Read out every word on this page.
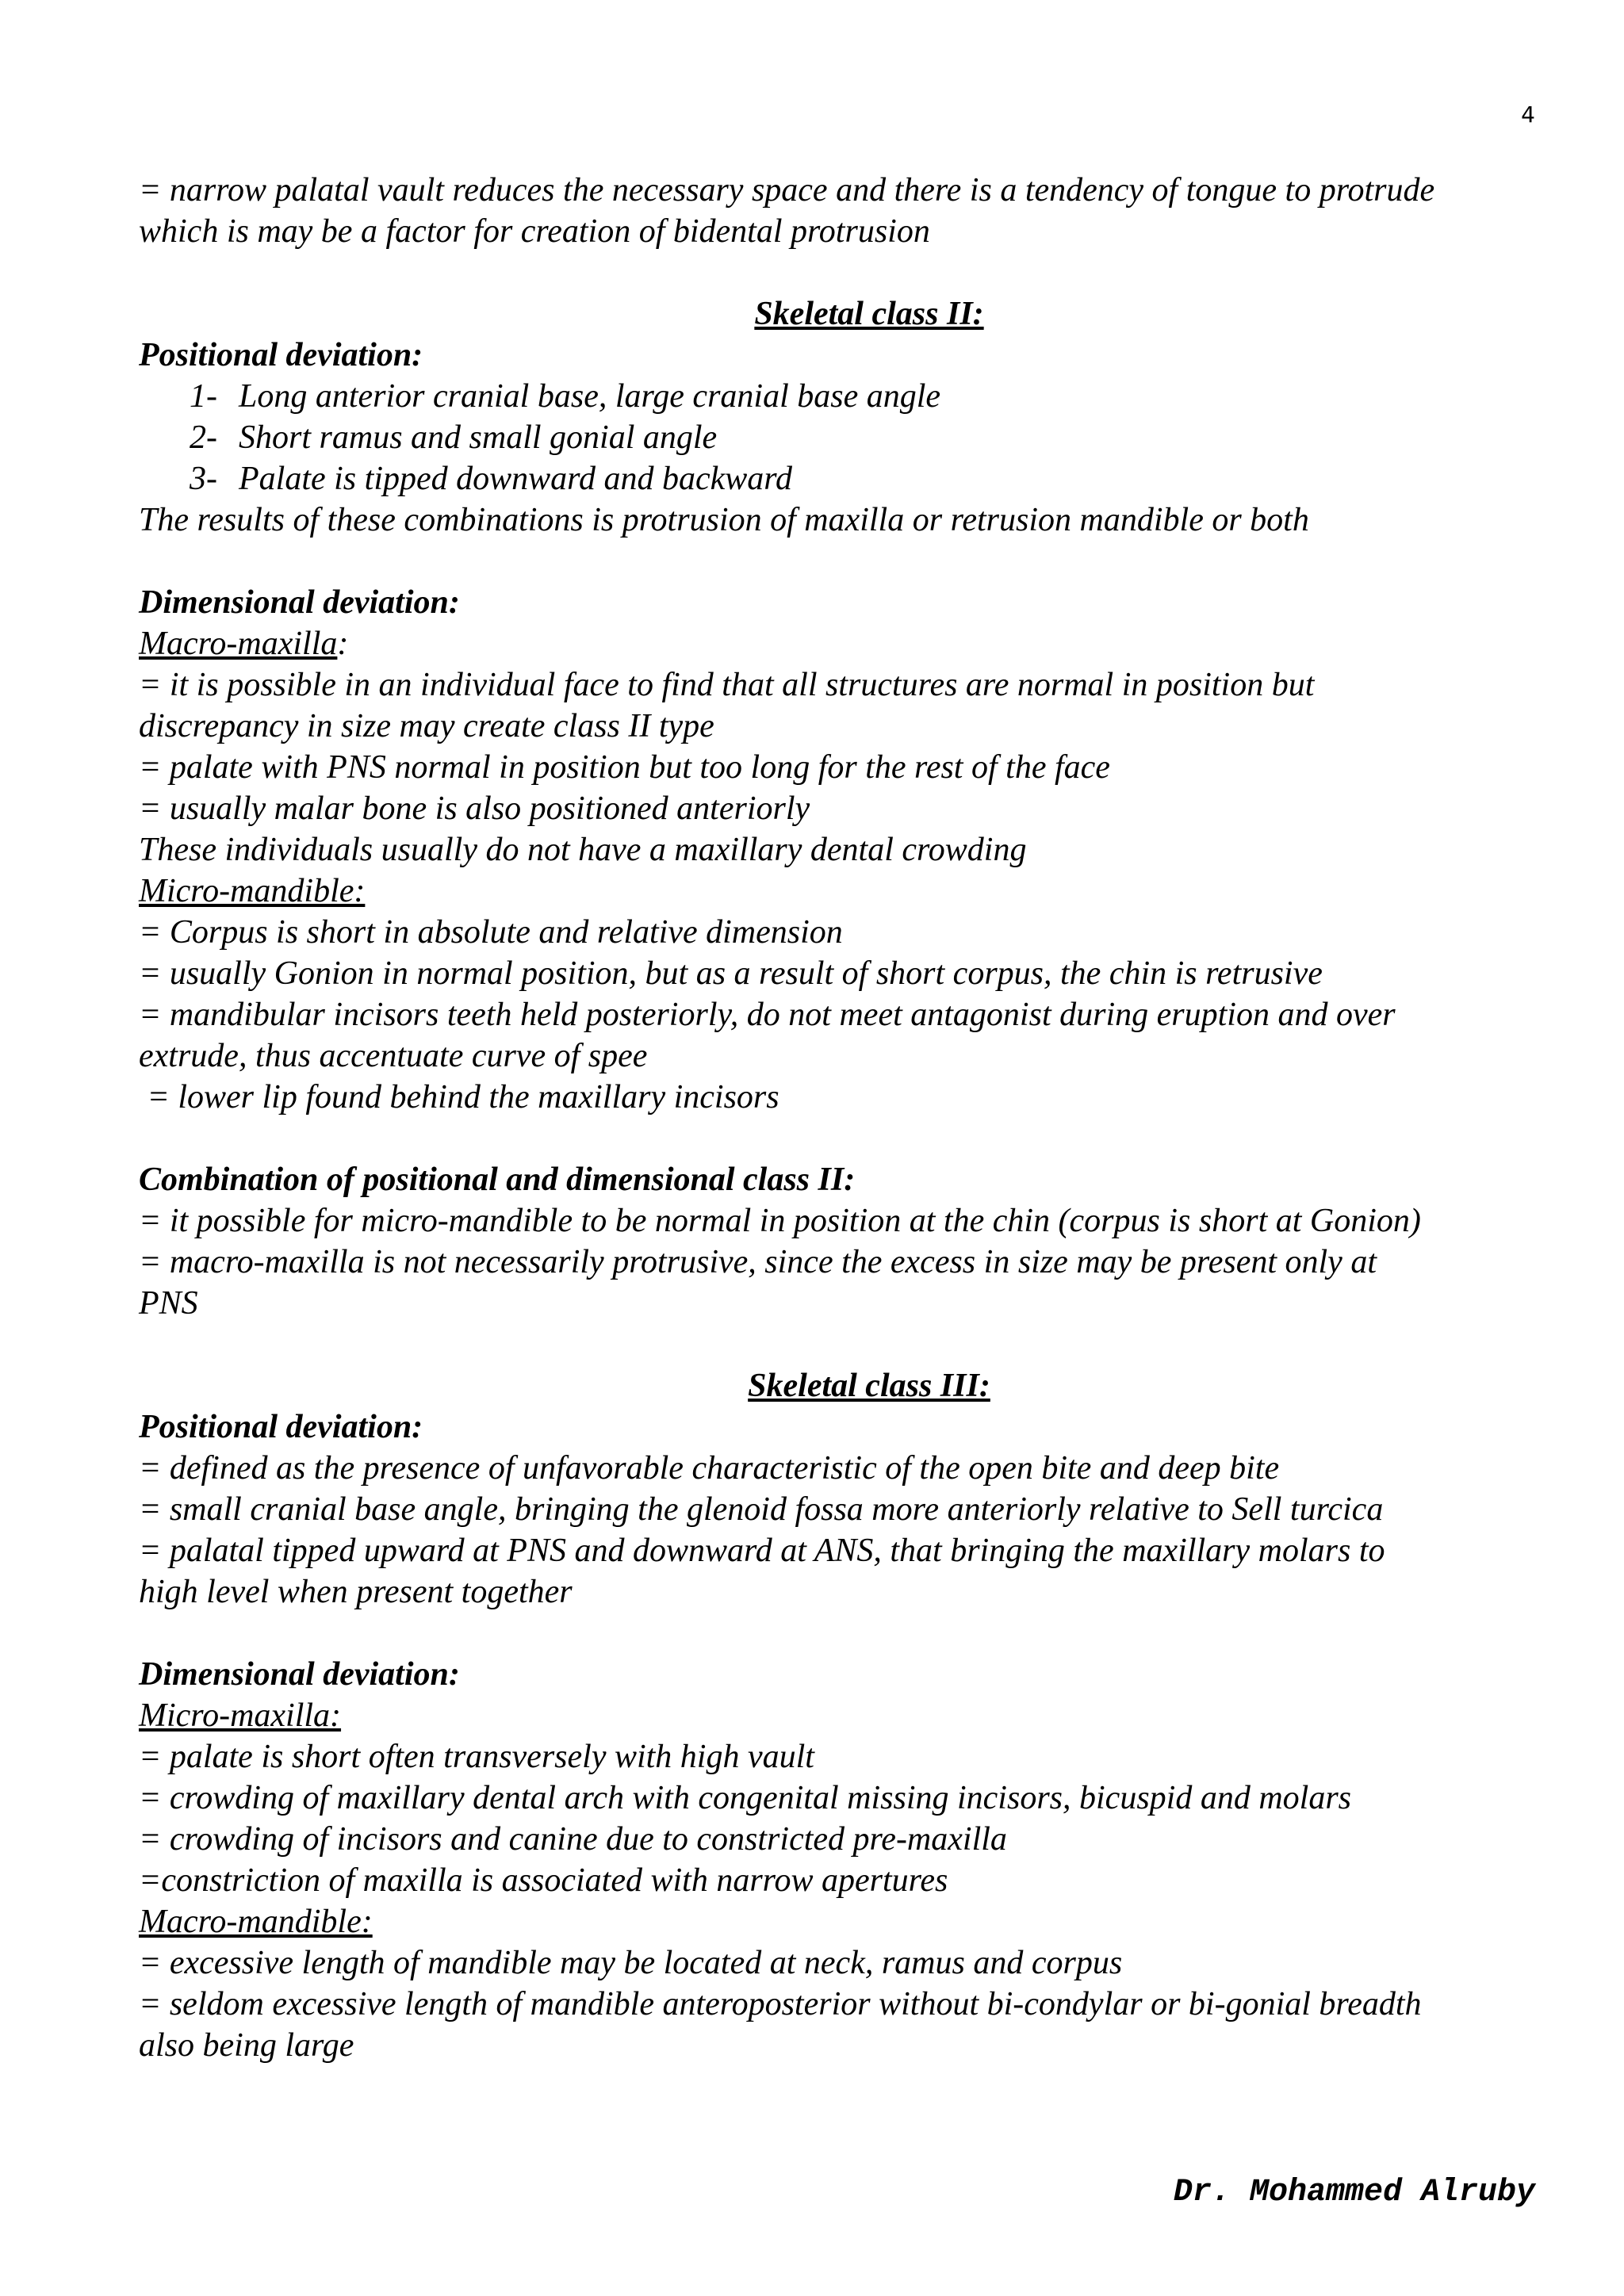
4
= narrow palatal vault reduces the necessary space and there is a tendency of tongue to protrude
which is may be a factor for creation of bidental protrusion
Skeletal class II:
Positional deviation:
1- Long anterior cranial base, large cranial base angle
2- Short ramus and small gonial angle
3- Palate is tipped downward and backward
The results of these combinations is protrusion of maxilla or retrusion mandible or both
Dimensional deviation:
Macro-maxilla:
= it is possible in an individual face to find that all structures are normal in position but
discrepancy in size may create class II type
= palate with PNS normal in position but too long for the rest of the face
= usually malar bone is also positioned anteriorly
These individuals usually do not have a maxillary dental crowding
Micro-mandible:
= Corpus is short in absolute and relative dimension
= usually Gonion in normal position, but as a result of short corpus, the chin is retrusive
= mandibular incisors teeth held posteriorly, do not meet antagonist during eruption and over
extrude, thus accentuate curve of spee
= lower lip found behind the maxillary incisors
Combination of positional and dimensional class II:
= it possible for micro-mandible to be normal in position at the chin (corpus is short at Gonion)
= macro-maxilla is not necessarily protrusive, since the excess in size may be present only at
PNS
Skeletal class III:
Positional deviation:
= defined as the presence of unfavorable characteristic of the open bite and deep bite
= small cranial base angle, bringing the glenoid fossa more anteriorly relative to Sell turcica
= palatal tipped upward at PNS and downward at ANS, that bringing the maxillary molars to
high level when present together
Dimensional deviation:
Micro-maxilla:
= palate is short often transversely with high vault
= crowding of maxillary dental arch with congenital missing incisors, bicuspid and molars
= crowding of incisors and canine due to constricted pre-maxilla
=constriction of maxilla is associated with narrow apertures
Macro-mandible:
= excessive length of mandible may be located at neck, ramus and corpus
= seldom excessive length of mandible anteroposterior without bi-condylar or bi-gonial breadth
also being large
Dr. Mohammed Alruby
